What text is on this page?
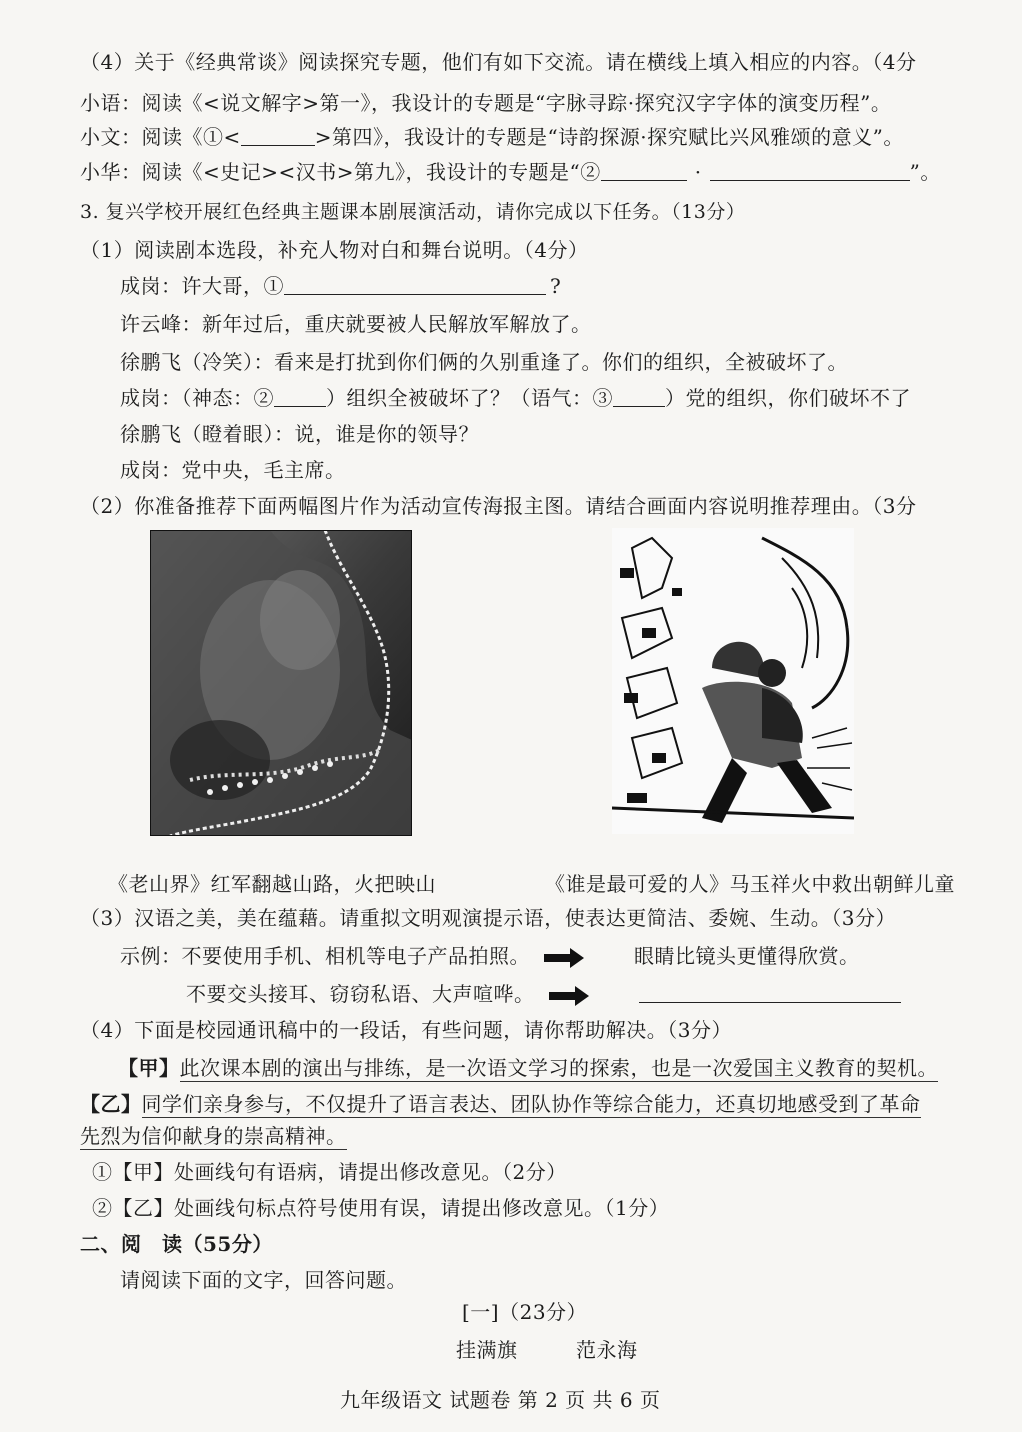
（4）关于《经典常谈》阅读探究专题，他们有如下交流。请在横线上填入相应的内容。（4分
小语：阅读《<说文解字>第一》，我设计的专题是“字脉寻踪·探究汉字字体的演变历程”。
小文：阅读《①<	>第四》，我设计的专题是“诗韵探源·探究赋比兴风雅颂的意义”。
小华：阅读《<史记><汉书>第九》，我设计的专题是“②	·	”。
3. 复兴学校开展红色经典主题课本剧展演活动，请你完成以下任务。（13分）
（1）阅读剧本选段，补充人物对白和舞台说明。（4分）
成岗：许大哥，①	?
许云峰：新年过后，重庆就要被人民解放军解放了。
徐鹏飞（冷笑）：看来是打扰到你们俩的久别重逢了。你们的组织，全被破坏了。
成岗：（神态：②	）组织全被破坏了？（语气：③	）党的组织，你们破坏不了
徐鹏飞（瞪着眼）：说，谁是你的领导？
成岗：党中央，毛主席。
（2）你准备推荐下面两幅图片作为活动宣传海报主图。请结合画面内容说明推荐理由。（3分
《老山界》红军翻越山路，火把映山	《谁是最可爱的人》马玉祥火中救出朝鲜儿童
（3）汉语之美，美在蕴藉。请重拟文明观演提示语，使表达更简洁、委婉、生动。（3分）
示例：不要使用手机、相机等电子产品拍照。	眼睛比镜头更懂得欣赏。
不要交头接耳、窃窃私语、大声喧哗。
（4）下面是校园通讯稿中的一段话，有些问题，请你帮助解决。（3分）
【甲】此次课本剧的演出与排练，是一次语文学习的探索，也是一次爱国主义教育的契机。
【乙】同学们亲身参与，不仅提升了语言表达、团队协作等综合能力，还真切地感受到了革命
先烈为信仰献身的崇高精神。
①【甲】处画线句有语病，请提出修改意见。（2分）
②【乙】处画线句标点符号使用有误，请提出修改意见。（1分）
二、阅　读（55分）
请阅读下面的文字，回答问题。
[一]（23分）
挂满旗	范永海
九年级语文 试题卷 第 2 页 共 6 页
